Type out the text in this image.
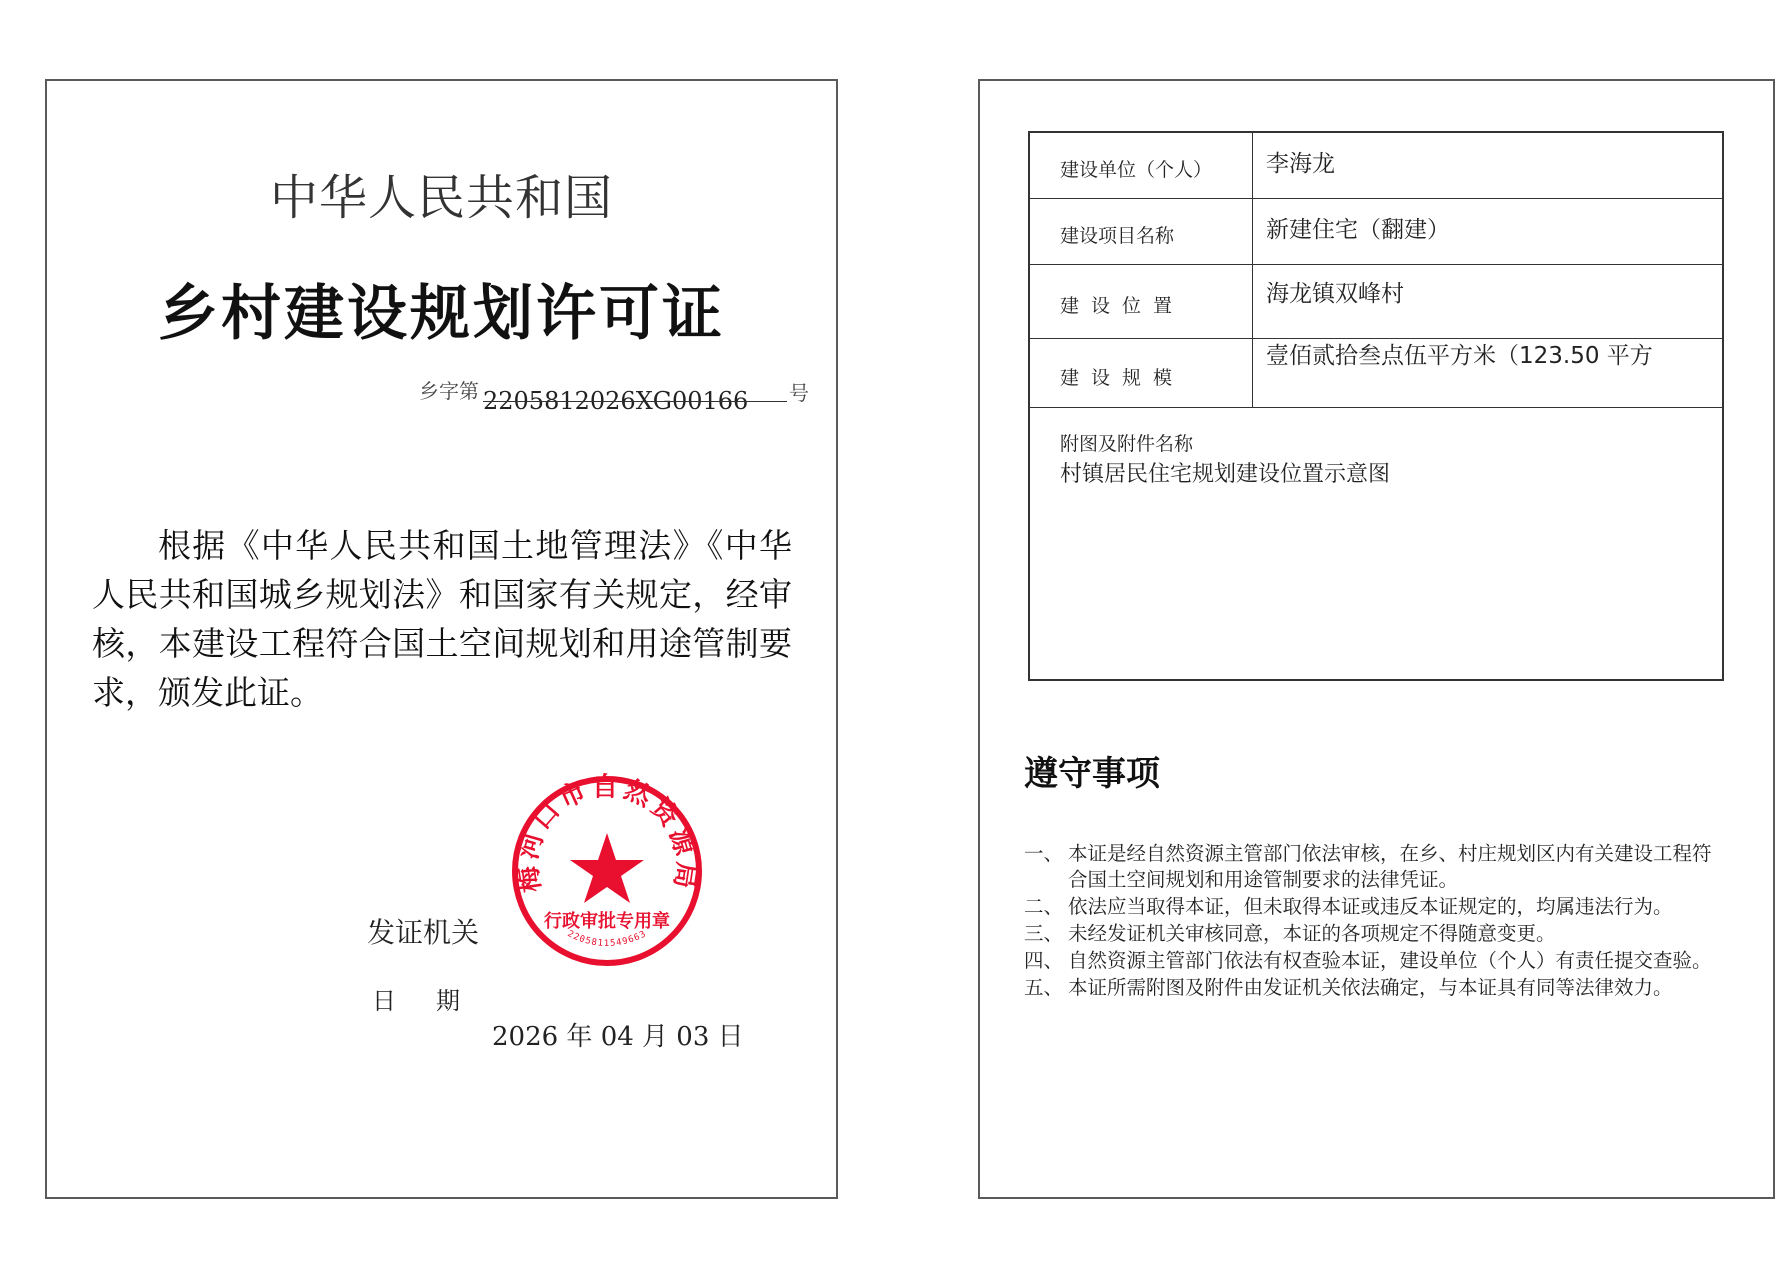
中华人民共和国
乡村建设规划许可证
乡字第 2205812026XG00166 号

根据《中华人民共和国土地管理法》《中华人民共和国城乡规划法》和国家有关规定，经审核，本建设工程符合国土空间规划和用途管制要求，颁发此证。

发证机关
日期
2026 年 04 月 03 日
梅河口市自然资源局
行政审批专用章
2205811549663
建设单位（个人） 李海龙
建设项目名称	新建住宅（翻建）
建设位置	海龙镇双峰村
建设规模
壹佰贰拾叁点伍平方米（123.50 平方
附图及附件名称
村镇居民住宅规划建设位置示意图
遵守事项
一、 本证是经自然资源主管部门依法审核，在乡、村庄规划区内有关建设工程符合国土空间规划和用途管制要求的法律凭证。
二、 依法应当取得本证，但未取得本证或违反本证规定的，均属违法行为。
三、 未经发证机关审核同意，本证的各项规定不得随意变更。
四、 自然资源主管部门依法有权查验本证，建设单位（个人）有责任提交查验。
五、 本证所需附图及附件由发证机关依法确定，与本证具有同等法律效力。
